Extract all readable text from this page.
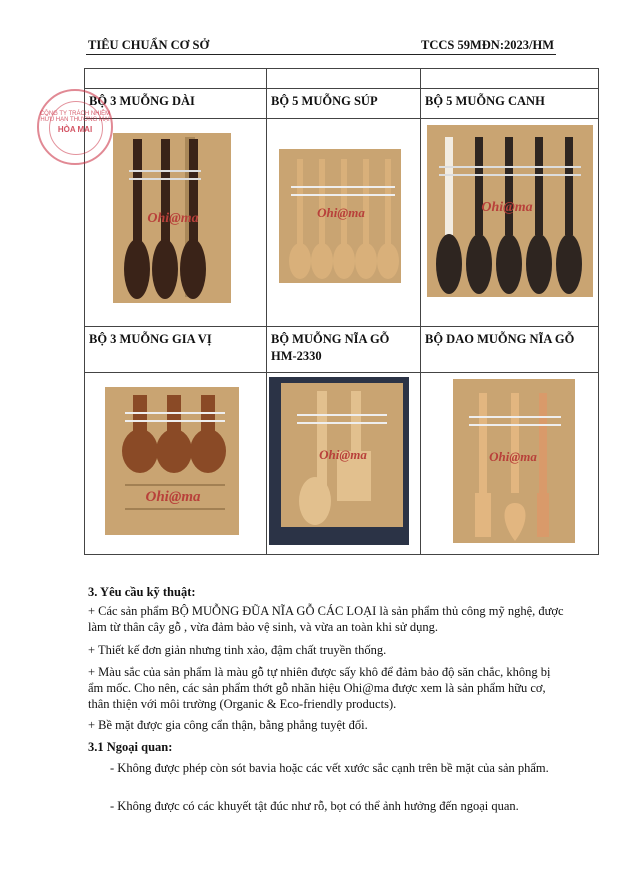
TIÊU CHUẨN CƠ SỞ	TCCS 59MĐN:2023/HM

BỘ 3 MUỖNG DÀI	BỘ 5 MUỖNG SÚP	BỘ 5 MUỖNG CANH

Ohi@ma	Ohi@ma	Ohi@ma

BỘ 3 MUỖNG GIA VỊ	BỘ MUỖNG NĨA GỖ HM-2330	BỘ DAO MUỖNG NĨA GỖ

Ohi@ma	Ohi@ma	Ohi@ma
CÔNG TY TRÁCH NHIỆM HỮU HẠN THƯƠNG MẠI
HÒA MAI
3. Yêu cầu kỹ thuật:
+ Các sản phẩm BỘ MUỖNG ĐŨA NĨA GỖ CÁC LOẠI là sản phẩm thủ công mỹ nghệ, được làm từ thân cây gỗ , vừa đảm bảo vệ sinh, và vừa an toàn khi sử dụng.
+ Thiết kế đơn giản nhưng tinh xảo, đậm chất truyền thống.
+ Màu sắc của sản phẩm là màu gỗ tự nhiên được sấy khô để đảm bảo độ săn chắc, không bị ẩm mốc. Cho nên, các sản phẩm thớt gỗ nhãn hiệu Ohi@ma được xem là sản phẩm hữu cơ, thân thiện với môi trường (Organic & Eco-friendly products).
+ Bề mặt được gia công cẩn thận, bằng phẳng tuyệt đối.
3.1 Ngoại quan:
- Không được phép còn sót bavia hoặc các vết xước sắc cạnh trên bề mặt của sản phẩm.
- Không được có các khuyết tật đúc như rỗ, bọt có thể ảnh hưởng đến ngoại quan.
